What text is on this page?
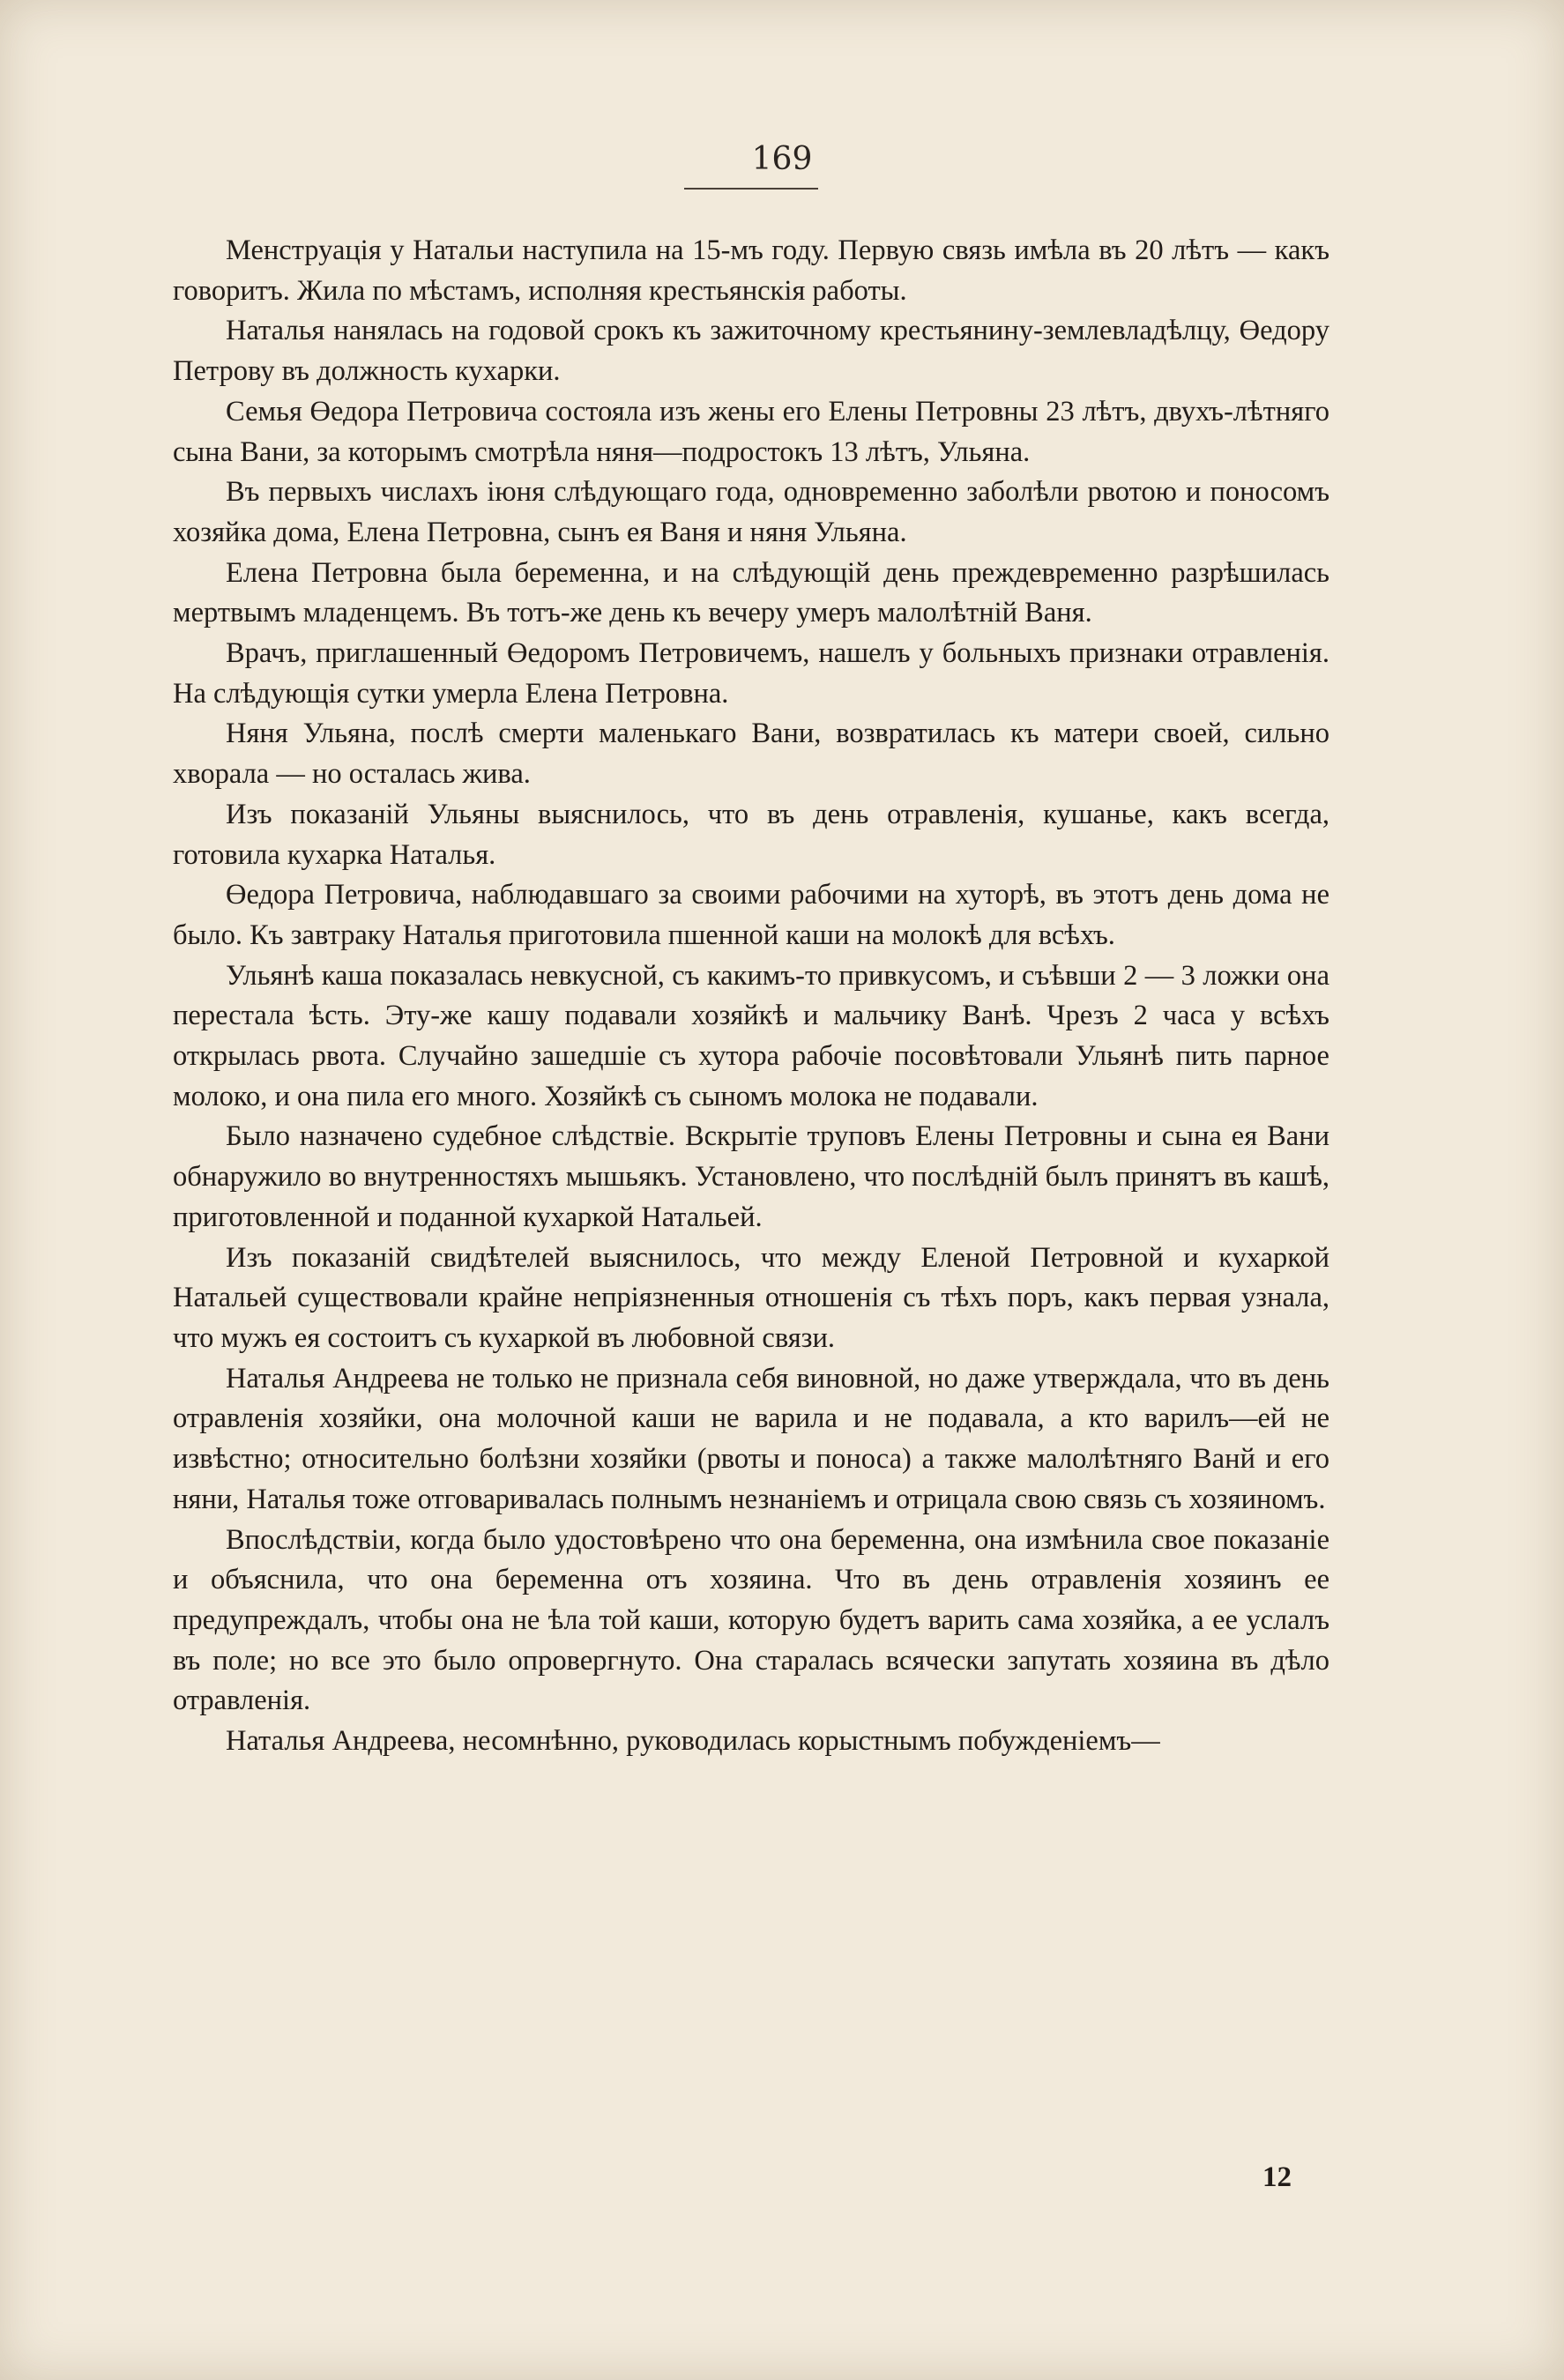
169

Менструація у Натальи наступила на 15-мъ году. Первую связь имѣла въ 20 лѣтъ — какъ говоритъ. Жила по мѣстамъ, исполняя крестьянскія работы.

Наталья нанялась на годовой срокъ къ зажиточному крестьянину-землевладѣлцу, Өедору Петрову въ должность кухарки.

Семья Өедора Петровича состояла изъ жены его Елены Петровны 23 лѣтъ, двухъ-лѣтняго сына Вани, за которымъ смотрѣла няня—подростокъ 13 лѣтъ, Ульяна.

Въ первыхъ числахъ іюня слѣдующаго года, одновременно заболѣли рвотою и поносомъ хозяйка дома, Елена Петровна, сынъ ея Ваня и няня Ульяна.

Елена Петровна была беременна, и на слѣдующій день преждевременно разрѣшилась мертвымъ младенцемъ. Въ тотъ-же день къ вечеру умеръ малолѣтній Ваня.

Врачъ, приглашенный Өедоромъ Петровичемъ, нашелъ у больныхъ признаки отравленія. На слѣдующія сутки умерла Елена Петровна.

Няня Ульяна, послѣ смерти маленькаго Вани, возвратилась къ матери своей, сильно хворала — но осталась жива.

Изъ показаній Ульяны выяснилось, что въ день отравленія, кушанье, какъ всегда, готовила кухарка Наталья.

Өедора Петровича, наблюдавшаго за своими рабочими на хуторѣ, въ этотъ день дома не было. Къ завтраку Наталья приготовила пшенной каши на молокѣ для всѣхъ.

Ульянѣ каша показалась невкусной, съ какимъ-то привкусомъ, и съѣвши 2 — 3 ложки она перестала ѣсть. Эту-же кашу подавали хозяйкѣ и мальчику Ванѣ. Чрезъ 2 часа у всѣхъ открылась рвота. Случайно зашедшіе съ хутора рабочіе посовѣтовали Ульянѣ пить парное молоко, и она пила его много. Хозяйкѣ съ сыномъ молока не подавали.

Было назначено судебное слѣдствіе. Вскрытіе труповъ Елены Петровны и сына ея Вани обнаружило во внутренностяхъ мышьякъ. Установлено, что послѣдній былъ принятъ въ кашѣ, приготовленной и поданной кухаркой Натальей.

Изъ показаній свидѣтелей выяснилось, что между Еленой Петровной и кухаркой Натальей существовали крайне непріязненныя отношенія съ тѣхъ поръ, какъ первая узнала, что мужъ ея состоитъ съ кухаркой въ любовной связи.

Наталья Андреева не только не признала себя виновной, но даже утверждала, что въ день отравленія хозяйки, она молочной каши не варила и не подавала, а кто варилъ—ей не извѣстно; относительно болѣзни хозяйки (рвоты и поноса) а также малолѣтняго Ванй и его няни, Наталья тоже отговаривалась полнымъ незнаніемъ и отрицала свою связь съ хозяиномъ.

Впослѣдствіи, когда было удостовѣрено что она беременна, она измѣнила свое показаніе и объяснила, что она беременна отъ хозяина. Что въ день отравленія хозяинъ ее предупреждалъ, чтобы она не ѣла той каши, которую будетъ варить сама хозяйка, а ее услалъ въ поле; но все это было опровергнуто. Она старалась всячески запутать хозяина въ дѣло отравленія.

Наталья Андреева, несомнѣнно, руководилась корыстнымъ побужденіемъ—

12
